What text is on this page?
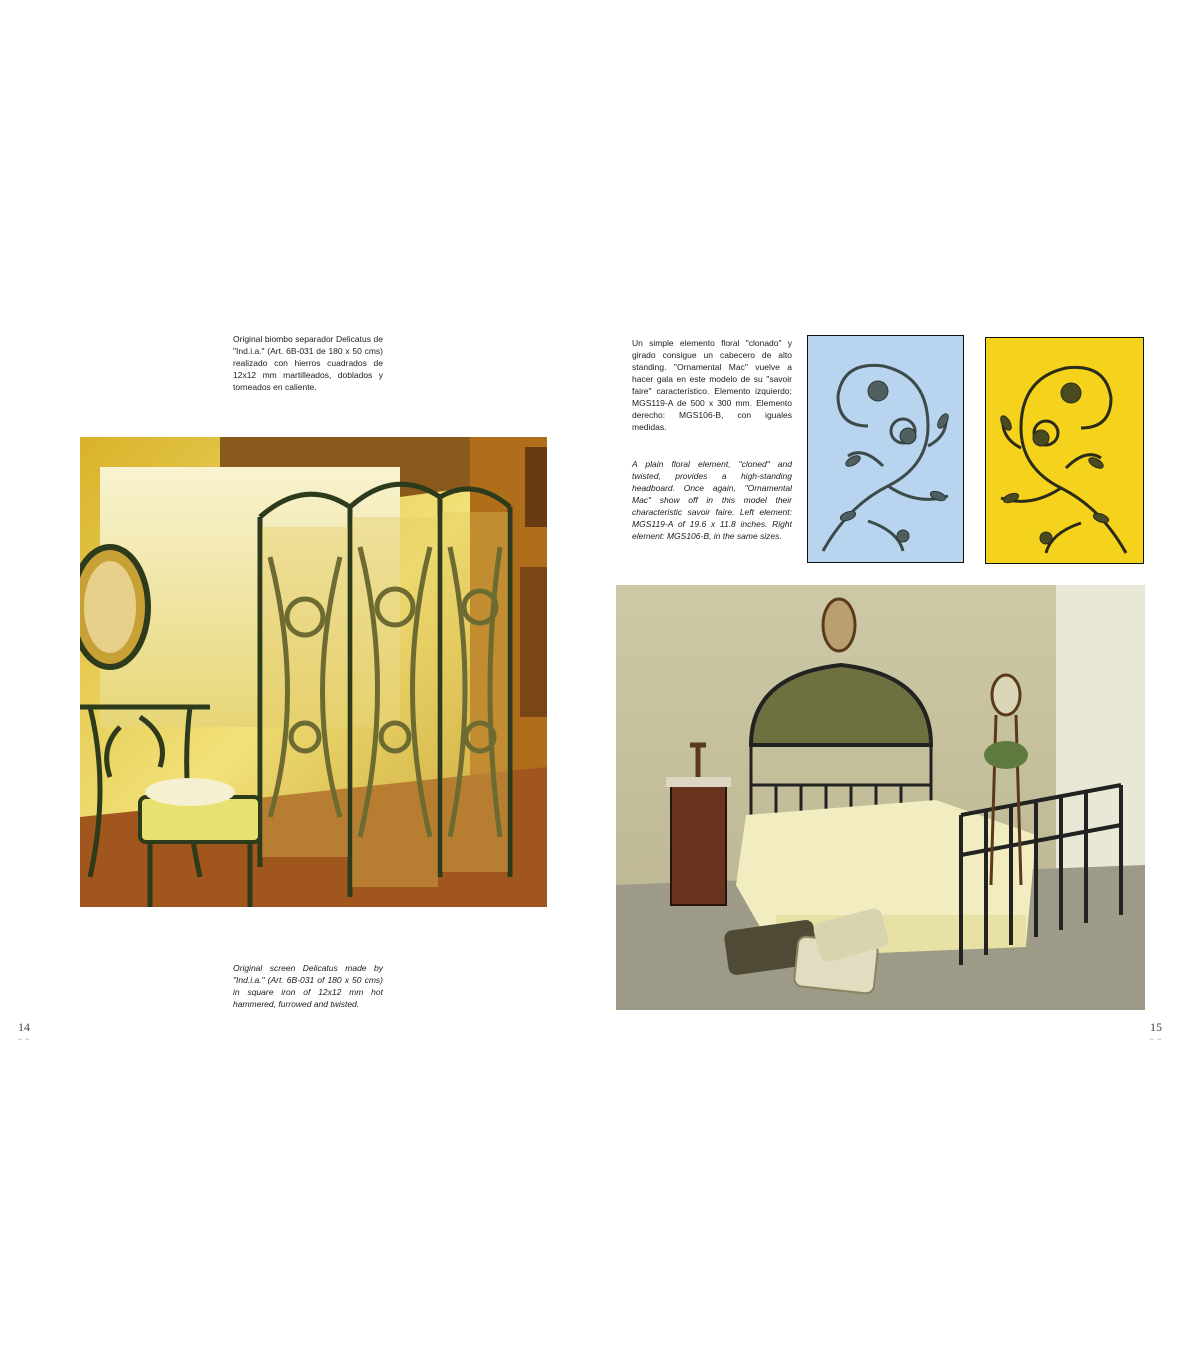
Original biombo separador Delicatus de "Ind.i.a." (Art. 6B-031 de 180 x 50 cms) realizado con hierros cuadrados de 12x12 mm martilleados, doblados y torneados en caliente.

Original screen Delicatus made by "Ind.i.a." (Art. 6B-031 of 180 x 50 cms) in square iron of 12x12 mm hot hammered, furrowed and twisted.

14
~ ~

Un simple elemento floral "clonado" y girado consigue un cabecero de alto standing. "Ornamental Mac" vuelve a hacer gala en este modelo de su "savoir faire" característico. Elemento izquierdo: MGS119-A de 500 x 300 mm. Elemento derecho: MGS106-B, con iguales medidas.

A plain floral element, "cloned" and twisted, provides a high-standing headboard. Once again, "Ornamental Mac" show off in this model their characteristic savoir faire. Left element: MGS119-A of 19.6 x 11.8 inches. Right element: MGS106-B, in the same sizes.

15
~ ~
